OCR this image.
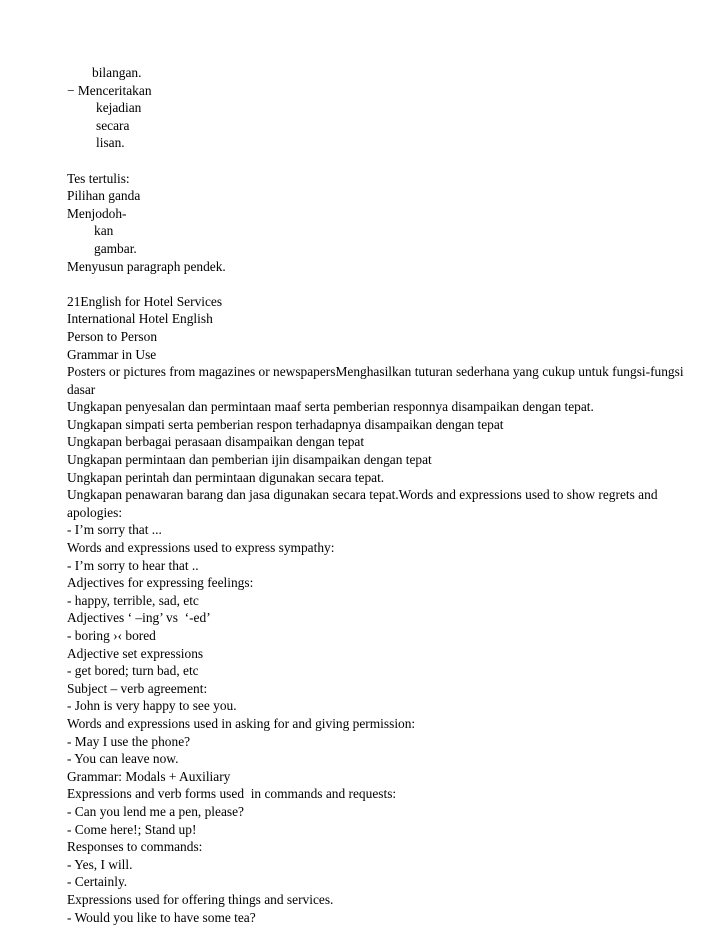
bilangan.
− Menceritakan
kejadian
secara
lisan.
Tes tertulis:
Pilihan ganda
Menjodoh-
kan
gambar.
Menyusun paragraph pendek.
21English for Hotel Services
International Hotel English
Person to Person
Grammar in Use
Posters or pictures from magazines or newspapersMenghasilkan tuturan sederhana yang cukup untuk fungsi-fungsi dasar
Ungkapan penyesalan dan permintaan maaf serta pemberian responnya disampaikan dengan tepat.
Ungkapan simpati serta pemberian respon terhadapnya disampaikan dengan tepat
Ungkapan berbagai perasaan disampaikan dengan tepat
Ungkapan permintaan dan pemberian ijin disampaikan dengan tepat
Ungkapan perintah dan permintaan digunakan secara tepat.
Ungkapan penawaran barang dan jasa digunakan secara tepat.Words and expressions used to show regrets and apologies:
- I’m sorry that ...
Words and expressions used to express sympathy:
- I’m sorry to hear that ..
Adjectives for expressing feelings:
- happy, terrible, sad, etc
Adjectives ‘ –ing’ vs  ‘-ed’
- boring ›‹ bored
Adjective set expressions
- get bored; turn bad, etc
Subject – verb agreement:
- John is very happy to see you.
Words and expressions used in asking for and giving permission:
- May I use the phone?
- You can leave now.
Grammar: Modals + Auxiliary
Expressions and verb forms used  in commands and requests:
- Can you lend me a pen, please?
- Come here!; Stand up!
Responses to commands:
- Yes, I will.
- Certainly.
Expressions used for offering things and services.
- Would you like to have some tea?
